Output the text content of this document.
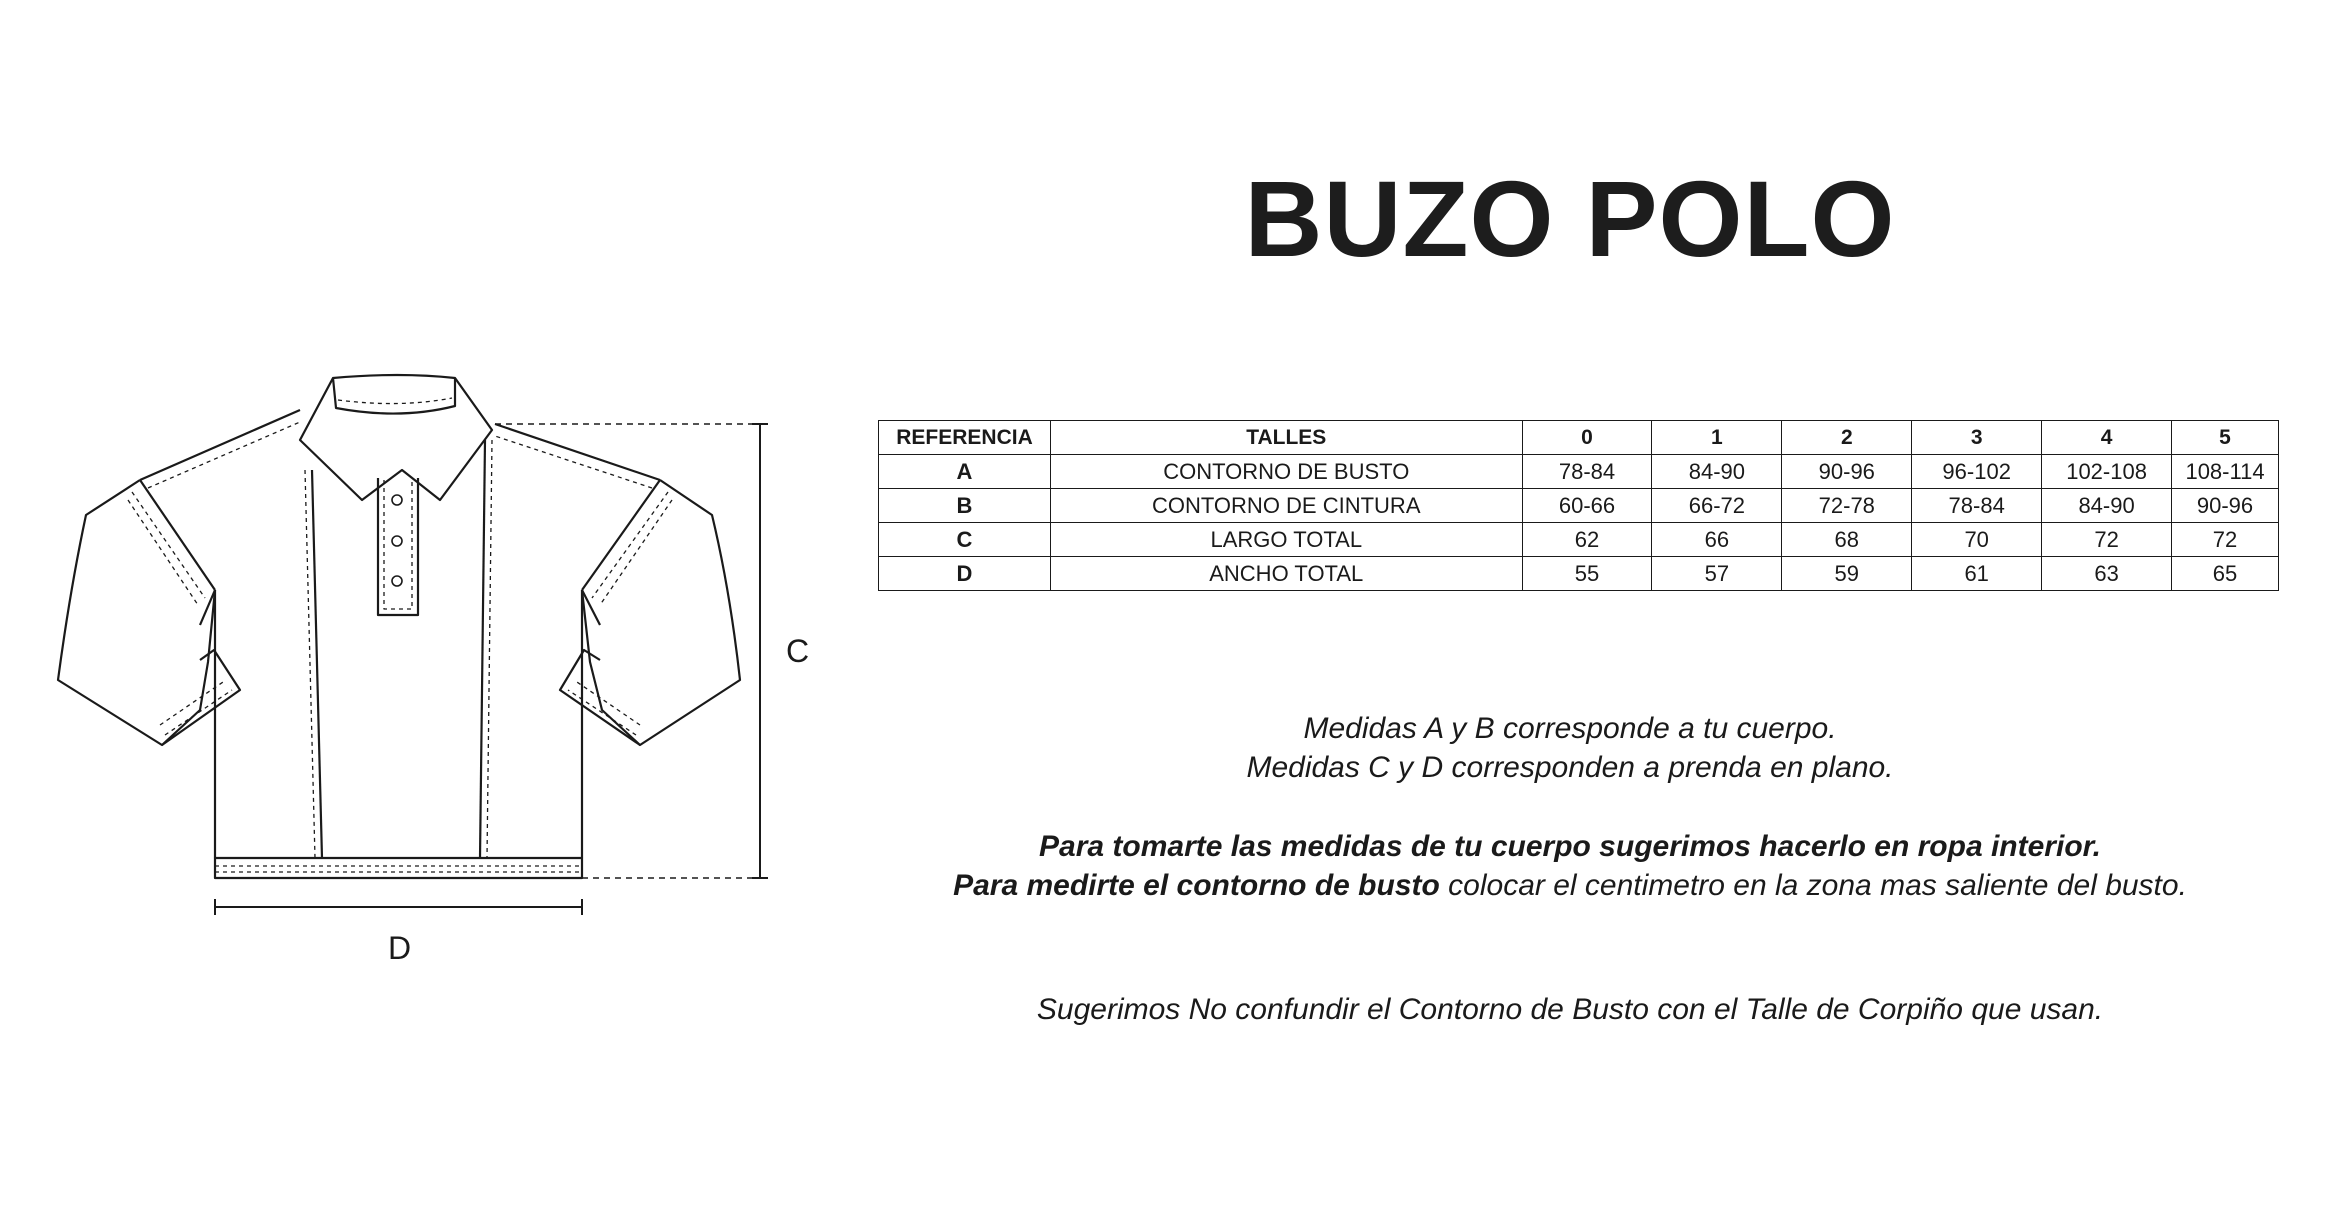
BUZO POLO
C
D
REFERENCIA	TALLES	0	1	2	3	4	5
A	CONTORNO DE BUSTO	78-84	84-90	90-96	96-102	102-108	108-114
B	CONTORNO DE CINTURA	60-66	66-72	72-78	78-84	84-90	90-96
C	LARGO TOTAL	62	66	68	70	72	72
D	ANCHO TOTAL	55	57	59	61	63	65
Medidas A y B corresponde a tu cuerpo.
Medidas C y D corresponden a prenda en plano.
Para tomarte las medidas de tu cuerpo sugerimos hacerlo en ropa interior.
Para medirte el contorno de busto colocar el centimetro en la zona mas saliente del busto.
Sugerimos No confundir el Contorno de Busto con el Talle de Corpiño que usan.
